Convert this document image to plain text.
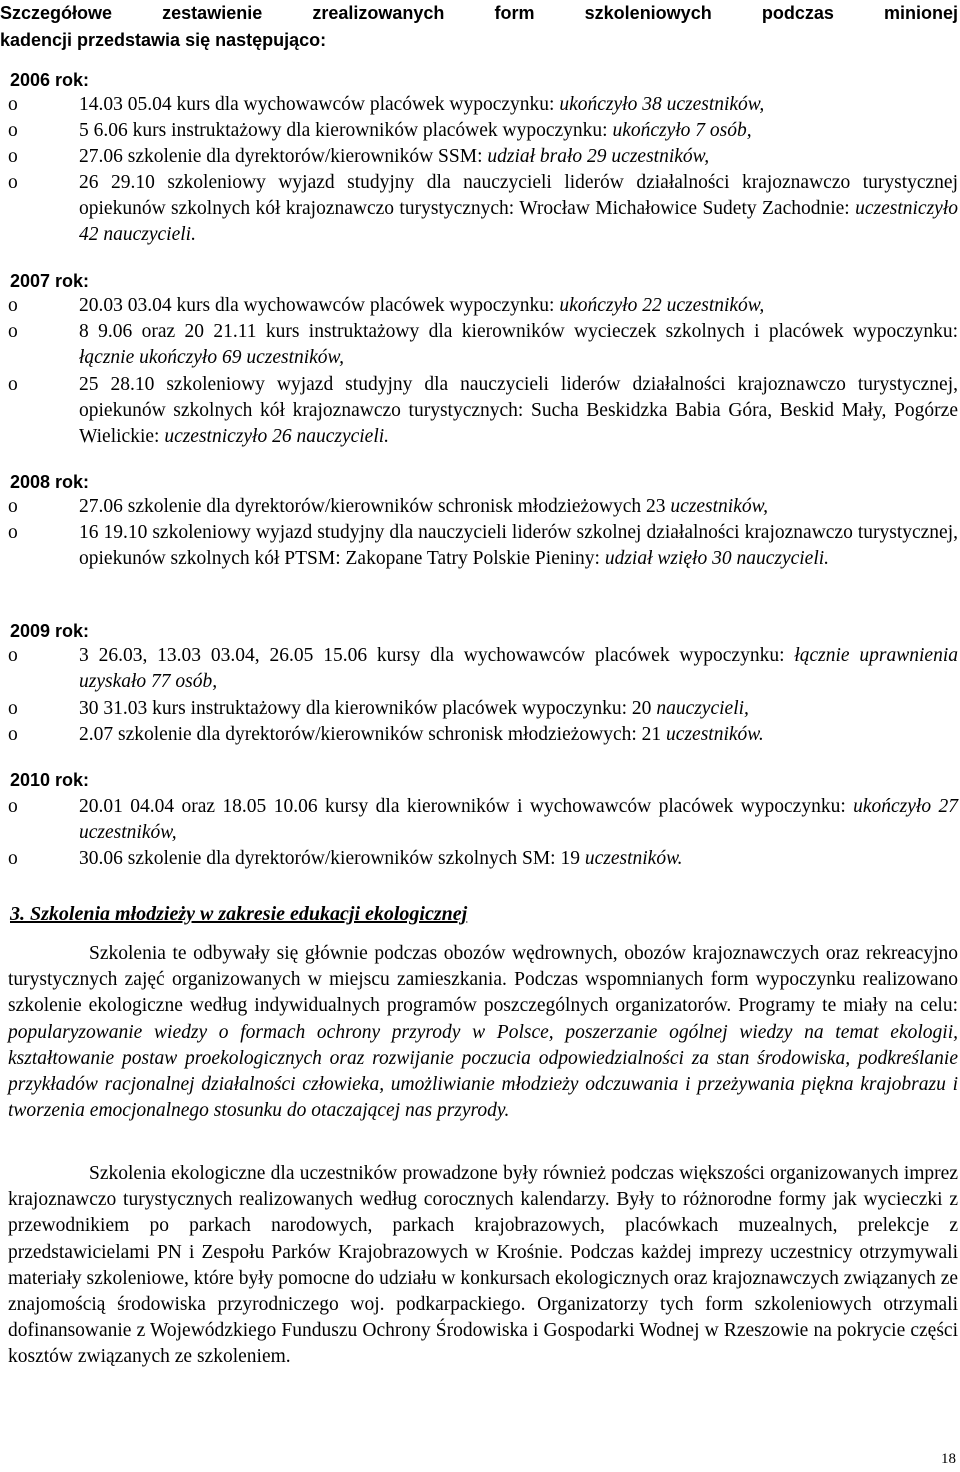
Szczegółowe zestawienie zrealizowanych form szkoleniowych podczas minionej
kadencji przedstawia się następująco:
2006 rok:
o	14.03 05.04 kurs dla wychowawców placówek wypoczynku: ukończyło 38 uczestników,
o	5 6.06 kurs instruktażowy dla kierowników placówek wypoczynku: ukończyło 7 osób,
o	27.06 szkolenie dla dyrektorów/kierowników SSM: udział brało 29 uczestników,
o	26 29.10 szkoleniowy wyjazd studyjny dla nauczycieli liderów działalności krajoznawczo turystycznej opiekunów szkolnych kół krajoznawczo turystycznych: Wrocław Michałowice Sudety Zachodnie: uczestniczyło 42 nauczycieli.
2007 rok:
o	20.03 03.04 kurs dla wychowawców placówek wypoczynku: ukończyło 22 uczestników,
o	8 9.06 oraz 20 21.11 kurs instruktażowy dla kierowników wycieczek szkolnych i placówek wypoczynku: łącznie ukończyło 69 uczestników,
o	25 28.10 szkoleniowy wyjazd studyjny dla nauczycieli liderów działalności krajoznawczo turystycznej, opiekunów szkolnych kół krajoznawczo turystycznych: Sucha Beskidzka Babia Góra, Beskid Mały, Pogórze Wielickie: uczestniczyło 26 nauczycieli.
2008 rok:
o	27.06 szkolenie dla dyrektorów/kierowników schronisk młodzieżowych 23 uczestników,
o	16 19.10 szkoleniowy wyjazd studyjny dla nauczycieli liderów szkolnej działalności krajoznawczo turystycznej, opiekunów szkolnych kół PTSM: Zakopane Tatry Polskie Pieniny: udział wzięło 30 nauczycieli.
2009 rok:
o	3 26.03, 13.03 03.04, 26.05 15.06 kursy dla wychowawców placówek wypoczynku: łącznie uprawnienia uzyskało 77 osób,
o	30 31.03 kurs instruktażowy dla kierowników placówek wypoczynku: 20 nauczycieli,
o	2.07 szkolenie dla dyrektorów/kierowników schronisk młodzieżowych: 21 uczestników.
2010 rok:
o	20.01 04.04 oraz 18.05 10.06 kursy dla kierowników i wychowawców placówek wypoczynku: ukończyło 27 uczestników,
o	30.06 szkolenie dla dyrektorów/kierowników szkolnych SM: 19 uczestników.
3. Szkolenia młodzieży w zakresie edukacji ekologicznej
Szkolenia te odbywały się głównie podczas obozów wędrownych, obozów krajoznawczych oraz rekreacyjno turystycznych zajęć organizowanych w miejscu zamieszkania. Podczas wspomnianych form wypoczynku realizowano szkolenie ekologiczne według indywidualnych programów poszczególnych organizatorów. Programy te miały na celu: popularyzowanie wiedzy o formach ochrony przyrody w Polsce, poszerzanie ogólnej wiedzy na temat ekologii, kształtowanie postaw proekologicznych oraz rozwijanie poczucia odpowiedzialności za stan środowiska, podkreślanie przykładów racjonalnej działalności człowieka, umożliwianie młodzieży odczuwania i przeżywania piękna krajobrazu i tworzenia emocjonalnego stosunku do otaczającej nas przyrody.
Szkolenia ekologiczne dla uczestników prowadzone były również podczas większości organizowanych imprez krajoznawczo turystycznych realizowanych według corocznych kalendarzy. Były to różnorodne formy jak wycieczki z przewodnikiem po parkach narodowych, parkach krajobrazowych, placówkach muzealnych, prelekcje z przedstawicielami PN i Zespołu Parków Krajobrazowych w Krośnie. Podczas każdej imprezy uczestnicy otrzymywali materiały szkoleniowe, które były pomocne do udziału w konkursach ekologicznych oraz krajoznawczych związanych ze znajomością środowiska przyrodniczego woj. podkarpackiego. Organizatorzy tych form szkoleniowych otrzymali dofinansowanie z Wojewódzkiego Funduszu Ochrony Środowiska i Gospodarki Wodnej w Rzeszowie na pokrycie części kosztów związanych ze szkoleniem.
18
